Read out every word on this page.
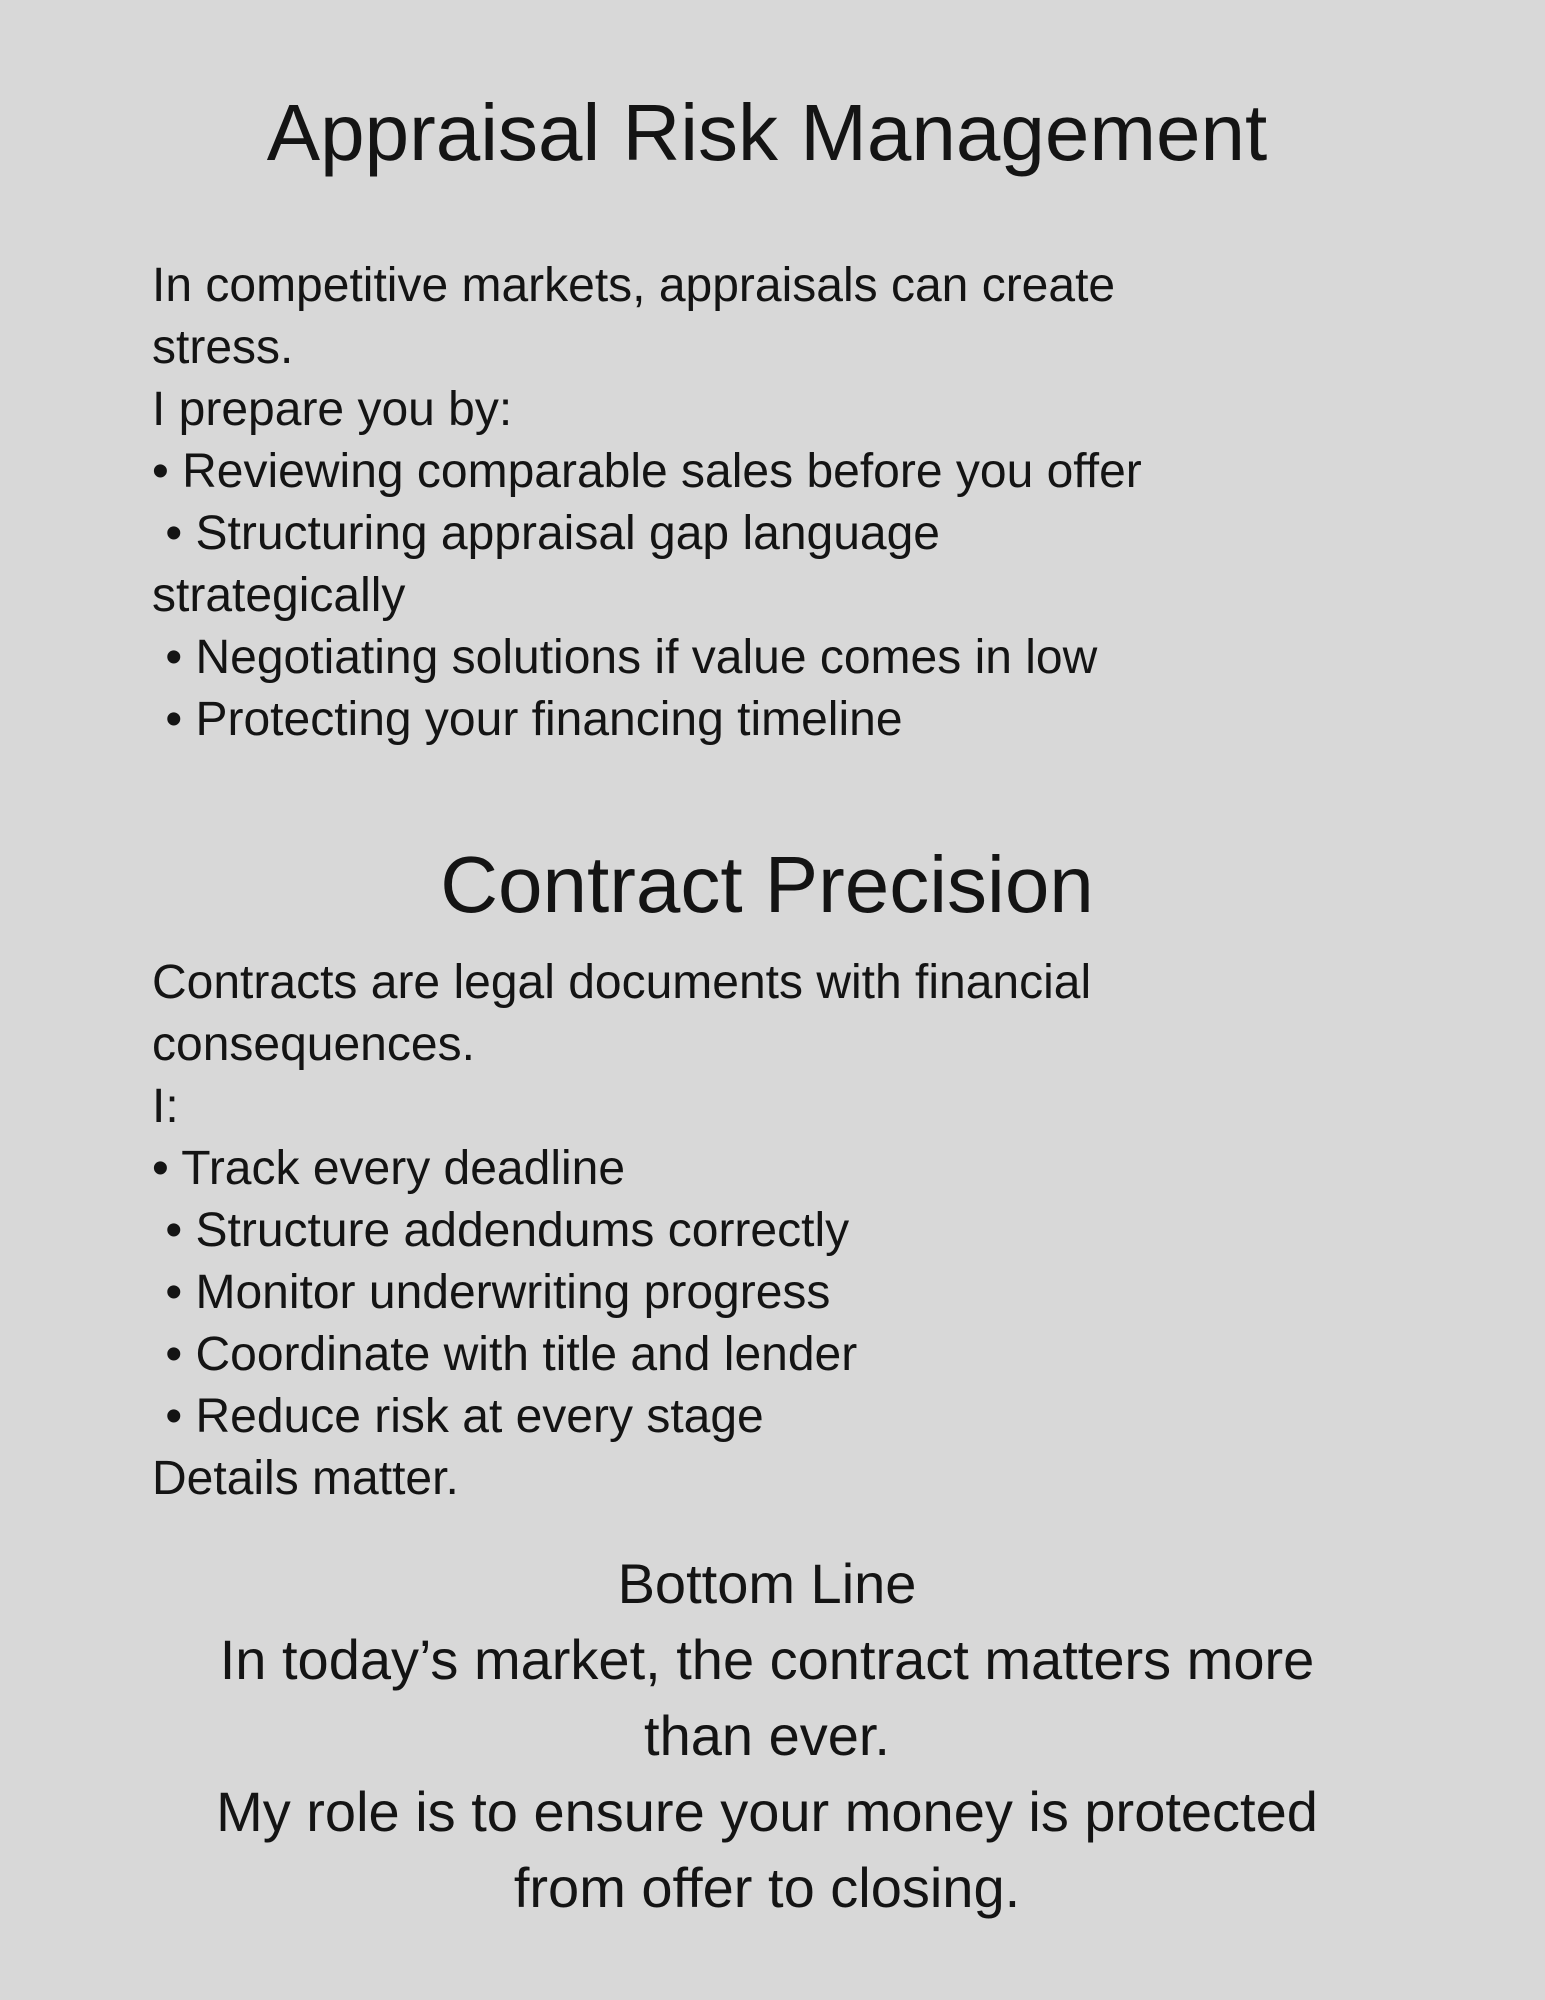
Appraisal Risk Management
In competitive markets, appraisals can create
stress.
I prepare you by:
• Reviewing comparable sales before you offer
• Structuring appraisal gap language
strategically
• Negotiating solutions if value comes in low
• Protecting your financing timeline
Contract Precision
Contracts are legal documents with financial
consequences.
I:
• Track every deadline
• Structure addendums correctly
• Monitor underwriting progress
• Coordinate with title and lender
• Reduce risk at every stage
Details matter.
Bottom Line
In today’s market, the contract matters more
than ever.
My role is to ensure your money is protected
from offer to closing.
